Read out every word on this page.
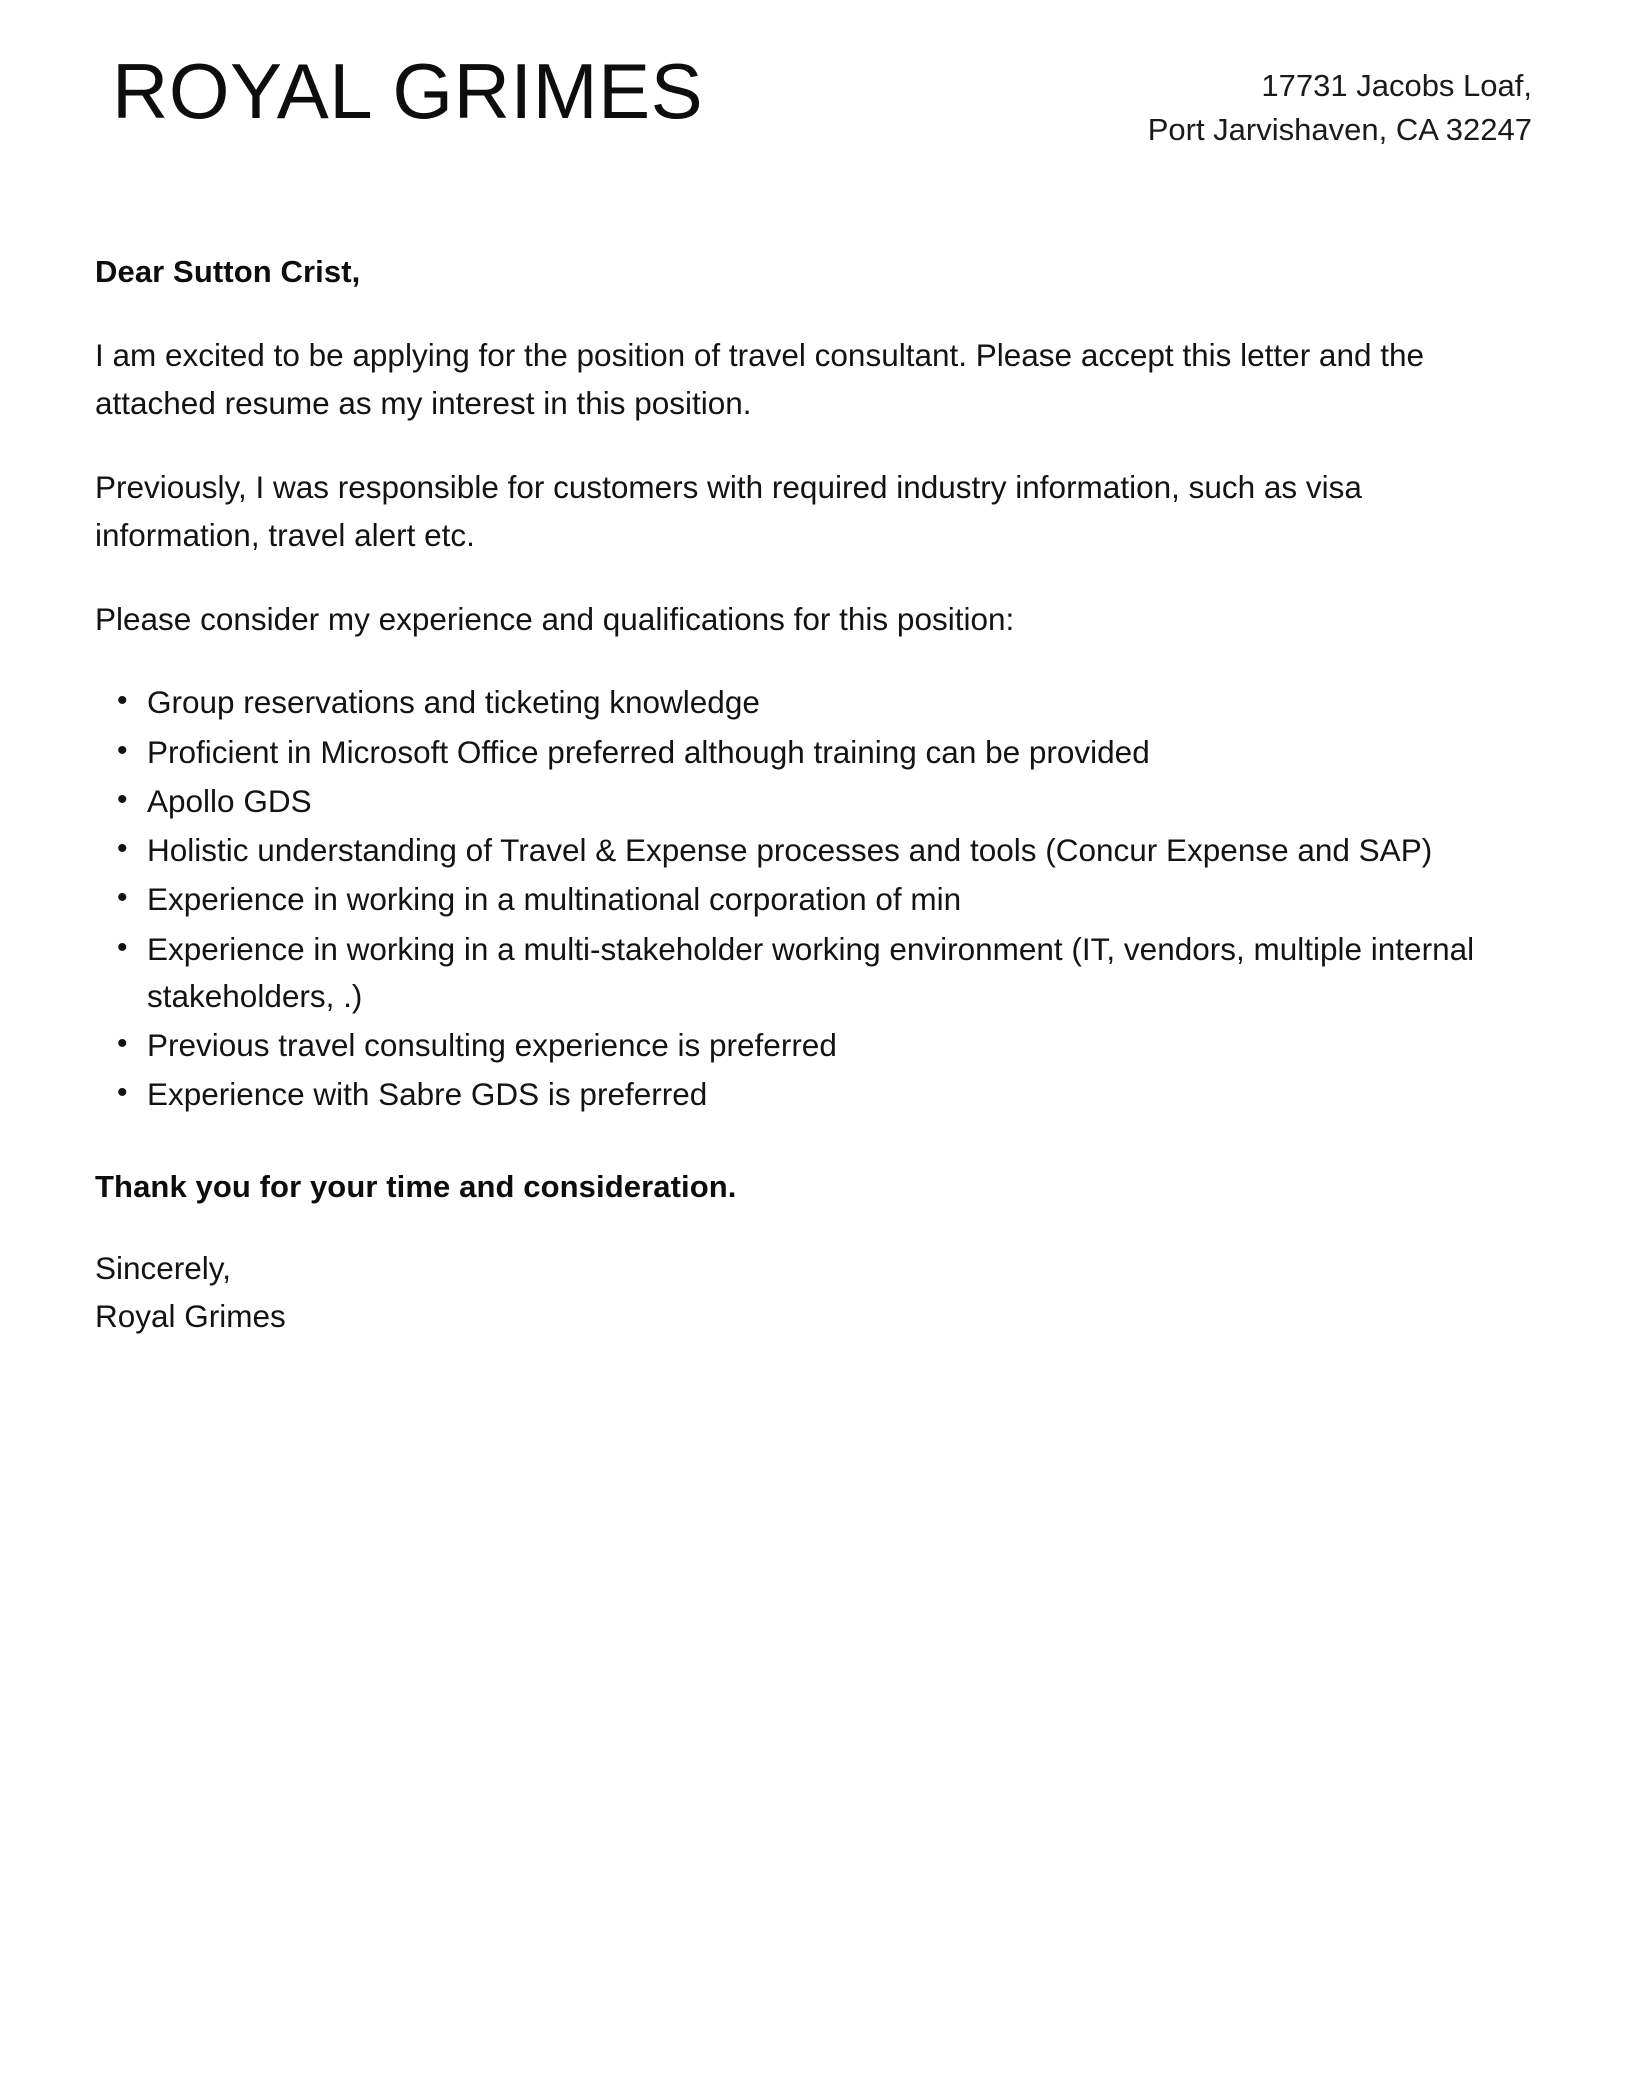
ROYAL GRIMES	17731 Jacobs Loaf,
Port Jarvishaven, CA 32247

Dear Sutton Crist,

I am excited to be applying for the position of travel consultant. Please accept this letter and the attached resume as my interest in this position.

Previously, I was responsible for customers with required industry information, such as visa information, travel alert etc.

Please consider my experience and qualifications for this position:

• Group reservations and ticketing knowledge
• Proficient in Microsoft Office preferred although training can be provided
• Apollo GDS
• Holistic understanding of Travel & Expense processes and tools (Concur Expense and SAP)
• Experience in working in a multinational corporation of min
• Experience in working in a multi-stakeholder working environment (IT, vendors, multiple internal stakeholders, .)
• Previous travel consulting experience is preferred
• Experience with Sabre GDS is preferred

Thank you for your time and consideration.

Sincerely,
Royal Grimes
